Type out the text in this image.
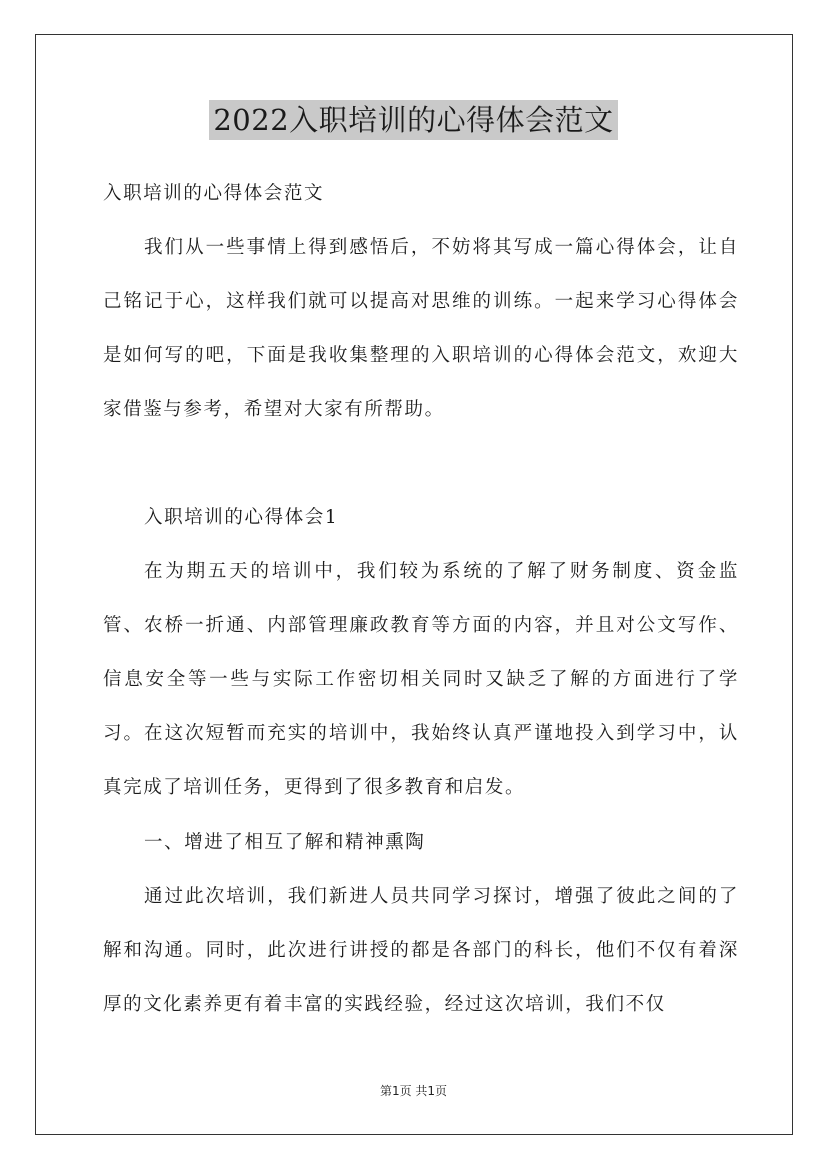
2022入职培训的心得体会范文

入职培训的心得体会范文

我们从一些事情上得到感悟后，不妨将其写成一篇心得体会，让自己铭记于心，这样我们就可以提高对思维的训练。一起来学习心得体会是如何写的吧，下面是我收集整理的入职培训的心得体会范文，欢迎大家借鉴与参考，希望对大家有所帮助。

入职培训的心得体会1

在为期五天的培训中，我们较为系统的了解了财务制度、资金监管、农桥一折通、内部管理廉政教育等方面的内容，并且对公文写作、信息安全等一些与实际工作密切相关同时又缺乏了解的方面进行了学习。在这次短暂而充实的培训中，我始终认真严谨地投入到学习中，认真完成了培训任务，更得到了很多教育和启发。

一、增进了相互了解和精神熏陶

通过此次培训，我们新进人员共同学习探讨，增强了彼此之间的了解和沟通。同时，此次进行讲授的都是各部门的科长，他们不仅有着深厚的文化素养更有着丰富的实践经验，经过这次培训，我们不仅

第1页 共1页
